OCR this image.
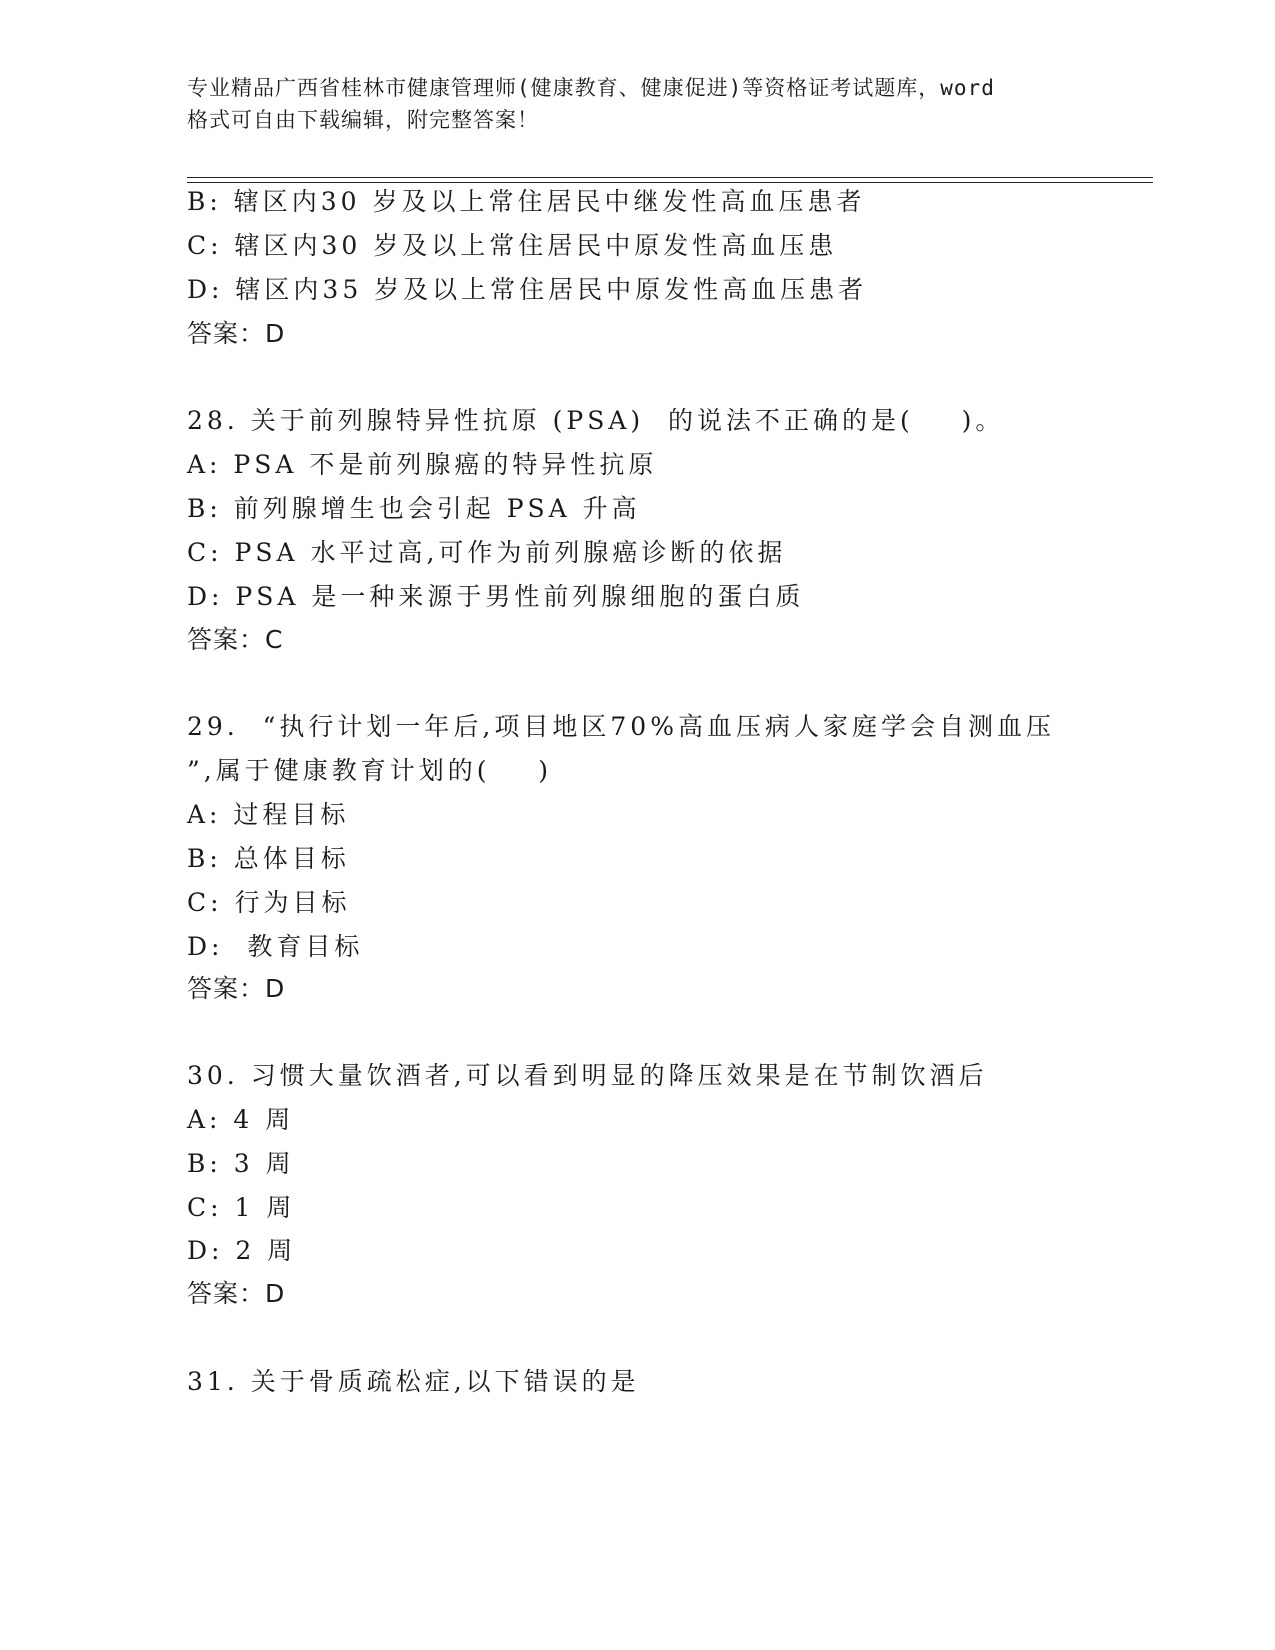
专业精品广西省桂林市健康管理师(健康教育、健康促进)等资格证考试题库，word
格式可自由下载编辑，附完整答案！
B: 辖区内30 岁及以上常住居民中继发性高血压患者
C: 辖区内30 岁及以上常住居民中原发性高血压患
D: 辖区内35 岁及以上常住居民中原发性高血压患者
答案：D
28. 关于前列腺特异性抗原 (PSA)  的说法不正确的是(    )。
A: PSA 不是前列腺癌的特异性抗原
B: 前列腺增生也会引起 PSA 升高
C: PSA 水平过高,可作为前列腺癌诊断的依据
D: PSA 是一种来源于男性前列腺细胞的蛋白质
答案：C
29.  “执行计划一年后,项目地区70%高血压病人家庭学会自测血压
”,属于健康教育计划的(    )
A: 过程目标
B: 总体目标
C: 行为目标
D:  教育目标
答案：D
30. 习惯大量饮酒者,可以看到明显的降压效果是在节制饮酒后
A: 4 周
B: 3 周
C: 1 周
D: 2 周
答案：D
31. 关于骨质疏松症,以下错误的是
